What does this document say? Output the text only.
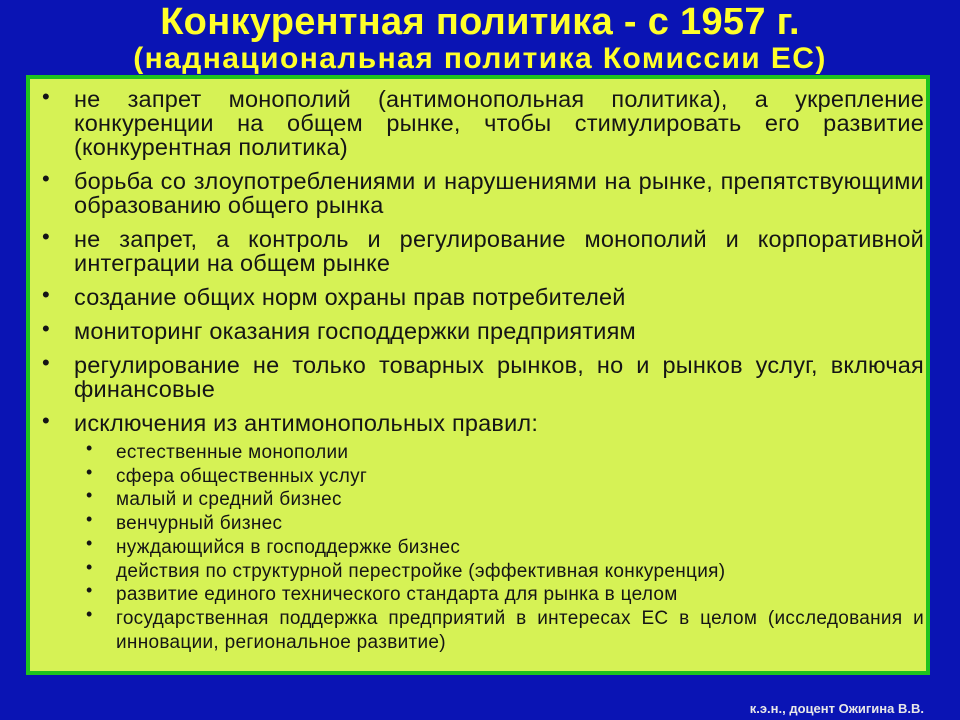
Конкурентная политика - с 1957 г.
(наднациональная политика Комиссии ЕС)
• не запрет монополий (антимонопольная политика), а укрепление конкуренции на общем рынке, чтобы стимулировать его развитие (конкурентная политика)
• борьба со злоупотреблениями и нарушениями на рынке, препятствующими образованию общего рынка
• не запрет, а контроль и регулирование монополий и корпоративной интеграции на общем рынке
• создание общих норм охраны прав потребителей
• мониторинг оказания господдержки предприятиям
• регулирование не только товарных рынков, но и рынков услуг, включая финансовые
• исключения из антимонопольных правил:
• естественные монополии
• сфера общественных услуг
• малый и средний бизнес
• венчурный бизнес
• нуждающийся в господдержке бизнес
• действия по структурной перестройке (эффективная конкуренция)
• развитие единого технического стандарта для рынка в целом
• государственная поддержка предприятий в интересах ЕС в целом (исследования и инновации, региональное развитие)
к.э.н., доцент Ожигина В.В.
